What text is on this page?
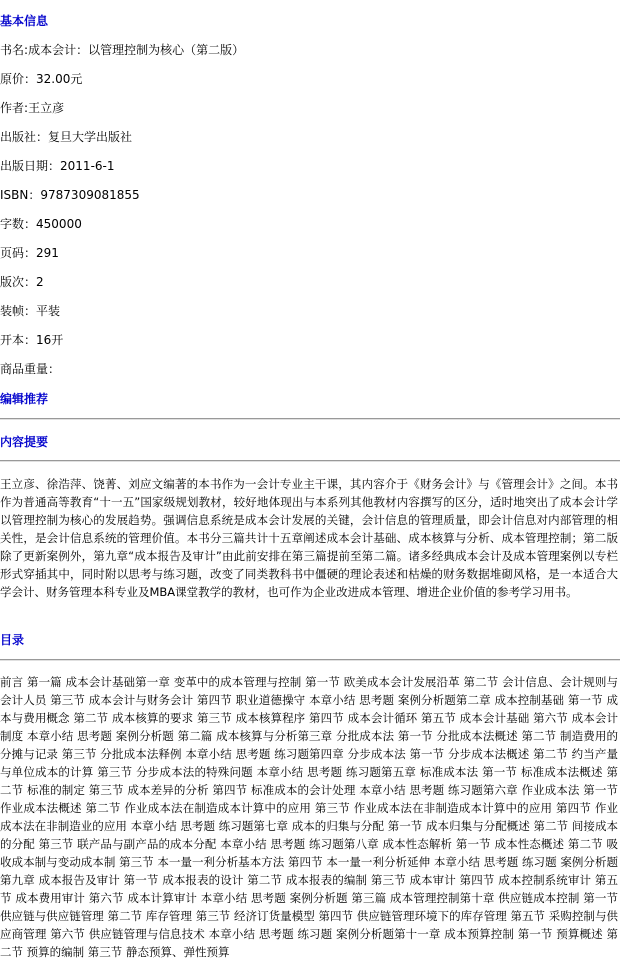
基本信息
书名:成本会计：以管理控制为核心（第二版）
原价：32.00元
作者:王立彦
出版社：复旦大学出版社
出版日期：2011-6-1
ISBN：9787309081855
字数：450000
页码：291
版次：2
装帧：平装
开本：16开
商品重量：
编辑推荐
内容提要

王立彦、徐浩萍、饶菁、刘应文编著的本书作为一会计专业主干课，其内容介于《财务会计》与《管理会计》之间。本书作为普通高等教育“十一五”国家级规划教材，较好地体现出与本系列其他教材内容撰写的区分，适时地突出了成本会计学以管理控制为核心的发展趋势。强调信息系统是成本会计发展的关键，会计信息的管理质量，即会计信息对内部管理的相关性，是会计信息系统的管理价值。本书分三篇共计十五章阐述成本会计基础、成本核算与分析、成本管理控制；第二版除了更新案例外，第九章“成本报告及审计”由此前安排在第三篇提前至第二篇。诸多经典成本会计及成本管理案例以专栏形式穿插其中，同时附以思考与练习题，改变了同类教科书中僵硬的理论表述和枯燥的财务数据堆砌风格，是一本适合大学会计、财务管理本科专业及MBA课堂教学的教材，也可作为企业改进成本管理、增进企业价值的参考学习用书。

目录

前言 第一篇 成本会计基础第一章 变革中的成本管理与控制 第一节 欧美成本会计发展沿革 第二节 会计信息、会计规则与会计人员 第三节 成本会计与财务会计 第四节 职业道德操守 本章小结 思考题 案例分析题第二章 成本控制基础 第一节 成本与费用概念 第二节 成本核算的要求 第三节 成本核算程序 第四节 成本会计循环 第五节 成本会计基础 第六节 成本会计制度 本章小结 思考题 案例分析题 第二篇 成本核算与分析第三章 分批成本法 第一节 分批成本法概述 第二节 制造费用的分摊与记录 第三节 分批成本法释例 本章小结 思考题 练习题第四章 分步成本法 第一节 分步成本法概述 第二节 约当产量与单位成本的计算 第三节 分步成本法的特殊问题 本章小结 思考题 练习题第五章 标准成本法 第一节 标准成本法概述 第二节 标准的制定 第三节 成本差异的分析 第四节 标准成本的会计处理 本章小结 思考题 练习题第六章 作业成本法 第一节 作业成本法概述 第二节 作业成本法在制造成本计算中的应用 第三节 作业成本法在非制造成本计算中的应用 第四节 作业成本法在非制造业的应用 本章小结 思考题 练习题第七章 成本的归集与分配 第一节 成本归集与分配概述 第二节 间接成本的分配 第三节 联产品与副产品的成本分配 本章小结 思考题 练习题第八章 成本性态解析 第一节 成本性态概述 第二节 吸收成本制与变动成本制 第三节 本一量一利分析基本方法 第四节 本一量一利分析延伸 本章小结 思考题 练习题 案例分析题第九章 成本报告及审计 第一节 成本报表的设计 第二节 成本报表的编制 第三节 成本审计 第四节 成本控制系统审计 第五节 成本费用审计 第六节 成本计算审计 本章小结 思考题 案例分析题 第三篇 成本管理控制第十章 供应链成本控制 第一节 供应链与供应链管理 第二节 库存管理 第三节 经济订货量模型 第四节 供应链管理环境下的库存管理 第五节 采购控制与供应商管理 第六节 供应链管理与信息技术 本章小结 思考题 练习题 案例分析题第十一章 成本预算控制 第一节 预算概述 第二节 预算的编制 第三节 静态预算、弹性预算
